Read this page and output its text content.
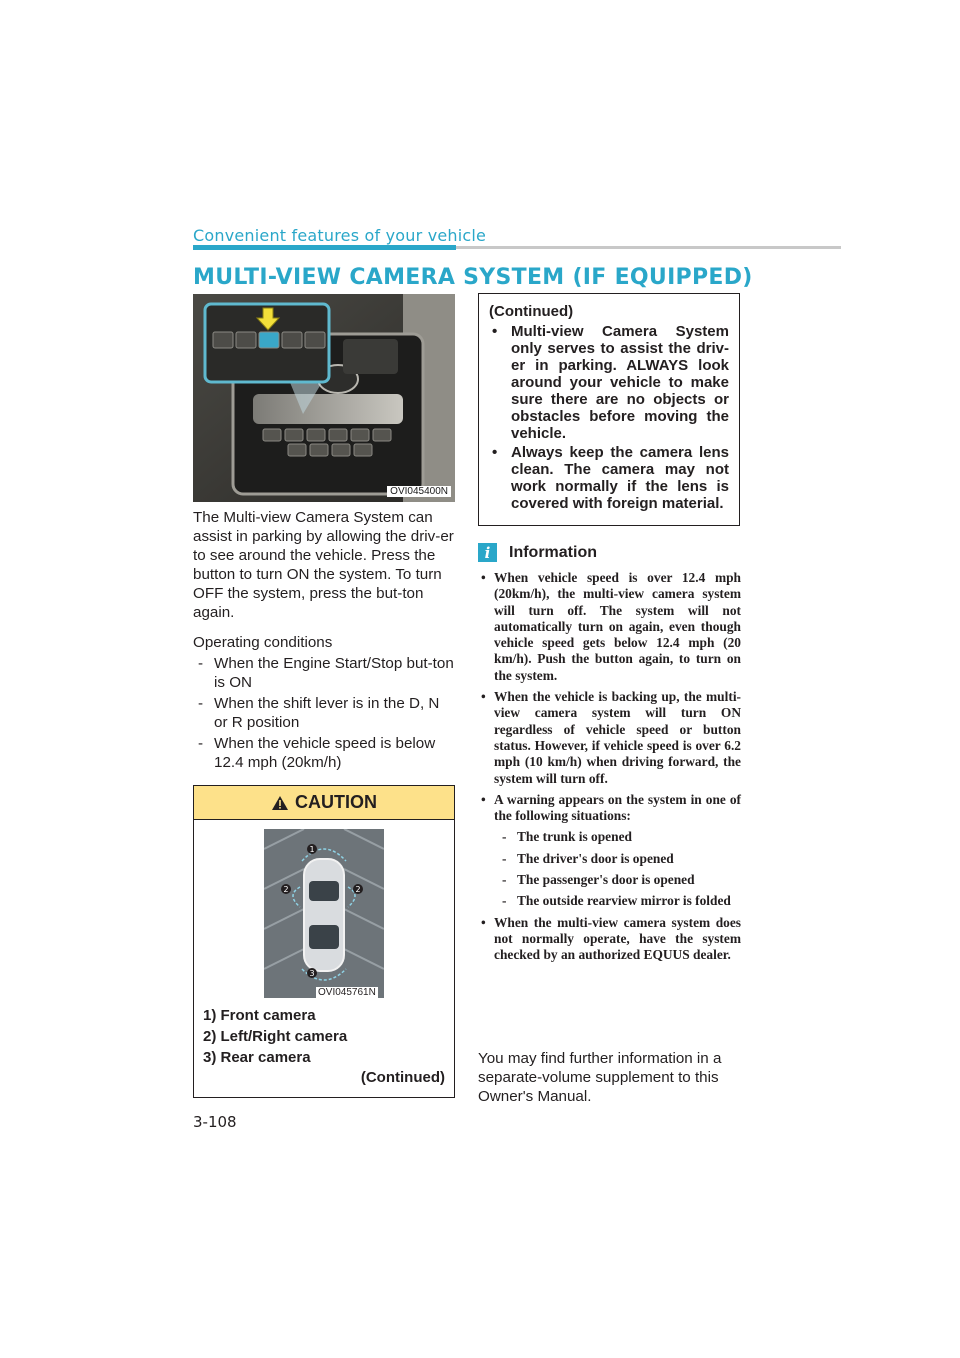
Convenient features of your vehicle
MULTI-VIEW CAMERA SYSTEM (IF EQUIPPED)
OVI045400N

The Multi-view Camera System can assist in parking by allowing the driv-er to see around the vehicle. Press the button to turn ON the system. To turn OFF the system, press the but-ton again.

Operating conditions

- When the Engine Start/Stop but-ton is ON
- When the shift lever is in the D, N or R position
- When the vehicle speed is below 12.4 mph (20km/h)
CAUTION
1
2	2
3
OVI045761N
1) Front camera
2) Left/Right camera
3) Rear camera
(Continued)
(Continued)
• Multi-view Camera System only serves to assist the driv-er in parking. ALWAYS look around your vehicle to make sure there are no objects or obstacles before moving the vehicle.
• Always keep the camera lens clean. The camera may not work normally if the lens is covered with foreign material.
i	Information
• When vehicle speed is over 12.4 mph (20km/h), the multi-view camera system will turn off. The system will not automatically turn on again, even though vehicle speed gets below 12.4 mph (20 km/h). Push the button again, to turn on the system.
• When the vehicle is backing up, the multi-view camera system will turn ON regardless of vehicle speed or button status. However, if vehicle speed is over 6.2 mph (10 km/h) when driving forward, the system will turn off.
• A warning appears on the system in one of the following situations:
- The trunk is opened
- The driver's door is opened
- The passenger's door is opened
- The outside rearview mirror is folded
• When the multi-view camera system does not normally operate, have the system checked by an authorized EQUUS dealer.

You may find further information in a separate-volume supplement to this Owner's Manual.

3-108
